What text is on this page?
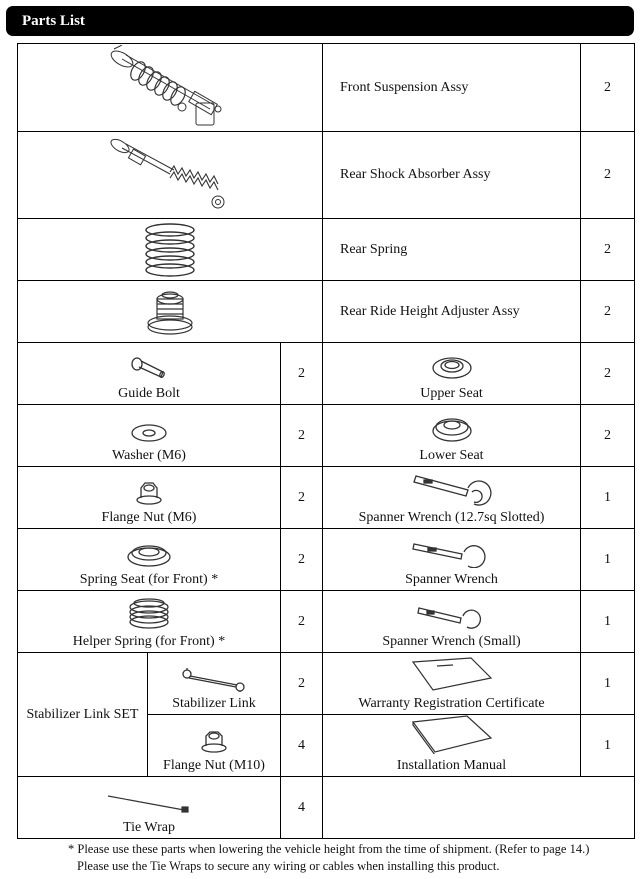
Parts List
	Front Suspension Assy	2

	Rear Shock Absorber Assy	2

	Rear Spring	2

	Rear Ride Height Adjuster Assy	2

Guide Bolt		2	Upper Seat	2

Washer (M6)		2	Lower Seat	2

Flange Nut (M6)		2	Spanner Wrench (12.7sq Slotted)	1

Spring Seat (for Front) *		2	Spanner Wrench	1

Helper Spring (for Front) *		2	Spanner Wrench (Small)	1
Stabilizer Link SET	Stabilizer Link	2	Warranty Registration Certificate	1

	Flange Nut (M10)	4	Installation Manual	1

Tie Wrap		4		
* Please use these parts when lowering the vehicle height from the time of shipment. (Refer to page 14.)
Please use the Tie Wraps to secure any wiring or cables when installing this product.
